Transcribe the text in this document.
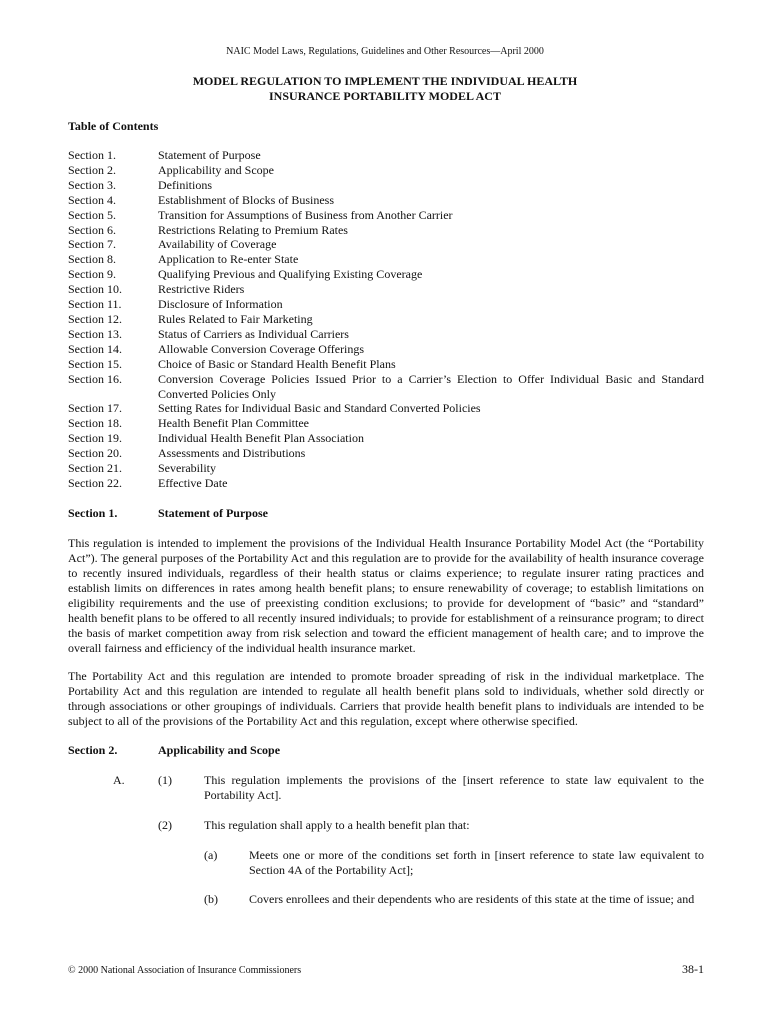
NAIC Model Laws, Regulations, Guidelines and Other Resources—April 2000
MODEL REGULATION TO IMPLEMENT THE INDIVIDUAL HEALTH
INSURANCE PORTABILITY MODEL ACT
Table of Contents
Section 1.	Statement of Purpose
Section 2.	Applicability and Scope
Section 3.	Definitions
Section 4.	Establishment of Blocks of Business
Section 5.	Transition for Assumptions of Business from Another Carrier
Section 6.	Restrictions Relating to Premium Rates
Section 7.	Availability of Coverage
Section 8.	Application to Re-enter State
Section 9.	Qualifying Previous and Qualifying Existing Coverage
Section 10.	Restrictive Riders
Section 11.	Disclosure of Information
Section 12.	Rules Related to Fair Marketing
Section 13.	Status of Carriers as Individual Carriers
Section 14.	Allowable Conversion Coverage Offerings
Section 15.	Choice of Basic or Standard Health Benefit Plans
Section 16.	Conversion Coverage Policies Issued Prior to a Carrier’s Election to Offer Individual Basic and Standard Converted Policies Only
Section 17.	Setting Rates for Individual Basic and Standard Converted Policies
Section 18.	Health Benefit Plan Committee
Section 19.	Individual Health Benefit Plan Association
Section 20.	Assessments and Distributions
Section 21.	Severability
Section 22.	Effective Date
Section 1.	Statement of Purpose

This regulation is intended to implement the provisions of the Individual Health Insurance Portability Model Act (the “Portability Act”). The general purposes of the Portability Act and this regulation are to provide for the availability of health insurance coverage to recently insured individuals, regardless of their health status or claims experience; to regulate insurer rating practices and establish limits on differences in rates among health benefit plans; to ensure renewability of coverage; to establish limitations on eligibility requirements and the use of preexisting condition exclusions; to provide for development of “basic” and “standard” health benefit plans to be offered to all recently insured individuals; to provide for establishment of a reinsurance program; to direct the basis of market competition away from risk selection and toward the efficient management of health care; and to improve the overall fairness and efficiency of the individual health insurance market.

The Portability Act and this regulation are intended to promote broader spreading of risk in the individual marketplace. The Portability Act and this regulation are intended to regulate all health benefit plans sold to individuals, whether sold directly or through associations or other groupings of individuals. Carriers that provide health benefit plans to individuals are intended to be subject to all of the provisions of the Portability Act and this regulation, except where otherwise specified.

Section 2.	Applicability and Scope
A.	(1)	This regulation implements the provisions of the [insert reference to state law equivalent to the Portability Act].
(2)	This regulation shall apply to a health benefit plan that:
(a)	Meets one or more of the conditions set forth in [insert reference to state law equivalent to Section 4A of the Portability Act];
(b)	Covers enrollees and their dependents who are residents of this state at the time of issue; and
© 2000 National Association of Insurance Commissioners	38-1
